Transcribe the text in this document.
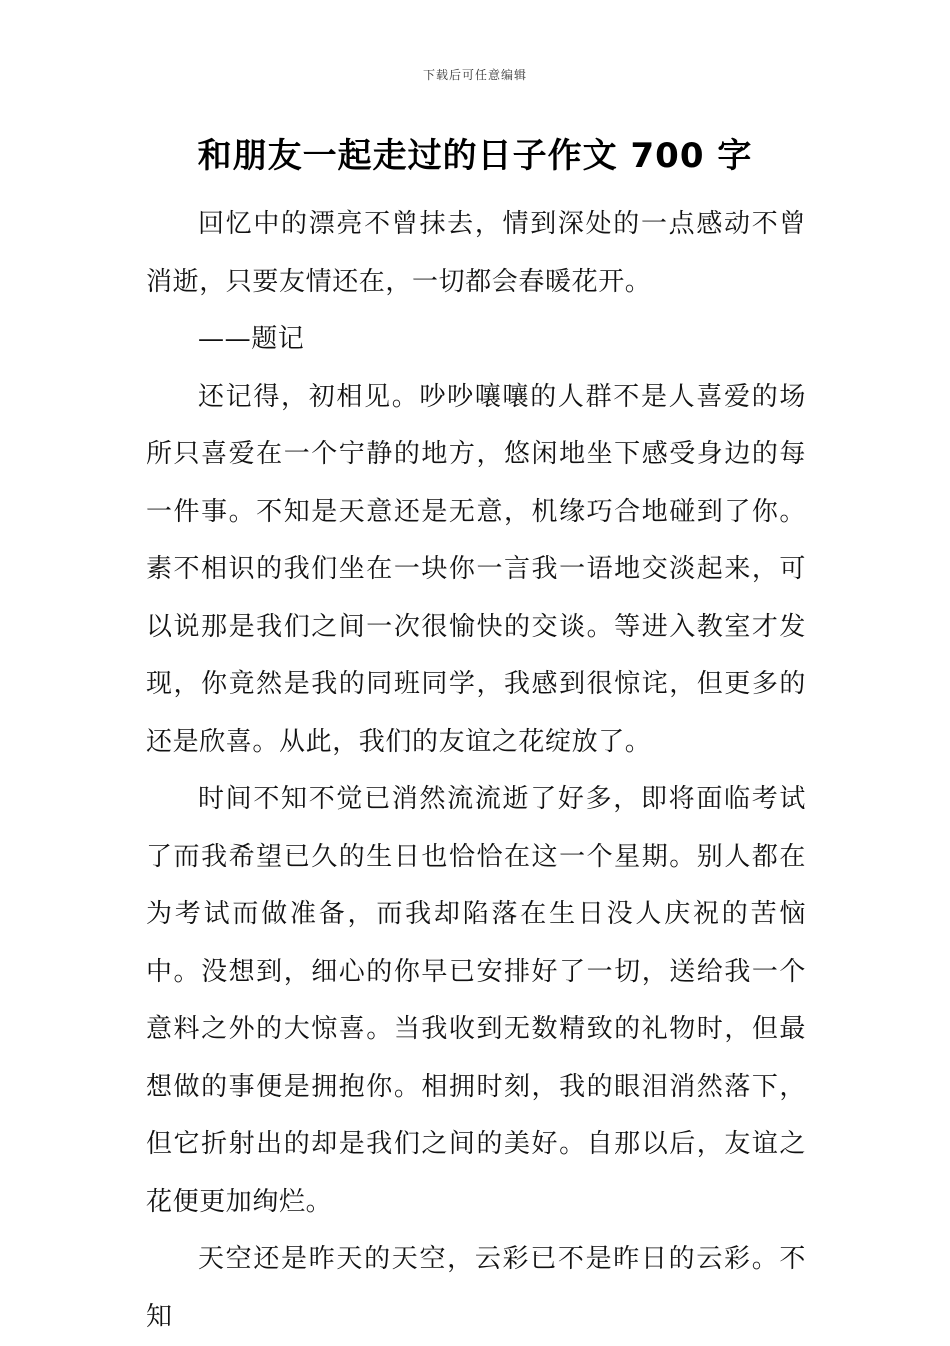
下载后可任意编辑
和朋友一起走过的日子作文 700 字

回忆中的漂亮不曾抹去，情到深处的一点感动不曾消逝，只要友情还在，一切都会春暖花开。

——题记

还记得，初相见。吵吵嚷嚷的人群不是人喜爱的场所只喜爱在一个宁静的地方，悠闲地坐下感受身边的每一件事。不知是天意还是无意，机缘巧合地碰到了你。素不相识的我们坐在一块你一言我一语地交淡起来，可以说那是我们之间一次很愉快的交谈。等进入教室才发现，你竟然是我的同班同学，我感到很惊诧，但更多的还是欣喜。从此，我们的友谊之花绽放了。

时间不知不觉已消然流流逝了好多，即将面临考试了而我希望已久的生日也恰恰在这一个星期。别人都在为考试而做准备，而我却陷落在生日没人庆祝的苦恼中。没想到，细心的你早已安排好了一切，送给我一个意料之外的大惊喜。当我收到无数精致的礼物时，但最想做的事便是拥抱你。相拥时刻，我的眼泪消然落下，但它折射出的却是我们之间的美好。自那以后，友谊之花便更加绚烂。

天空还是昨天的天空，云彩已不是昨日的云彩。不知
